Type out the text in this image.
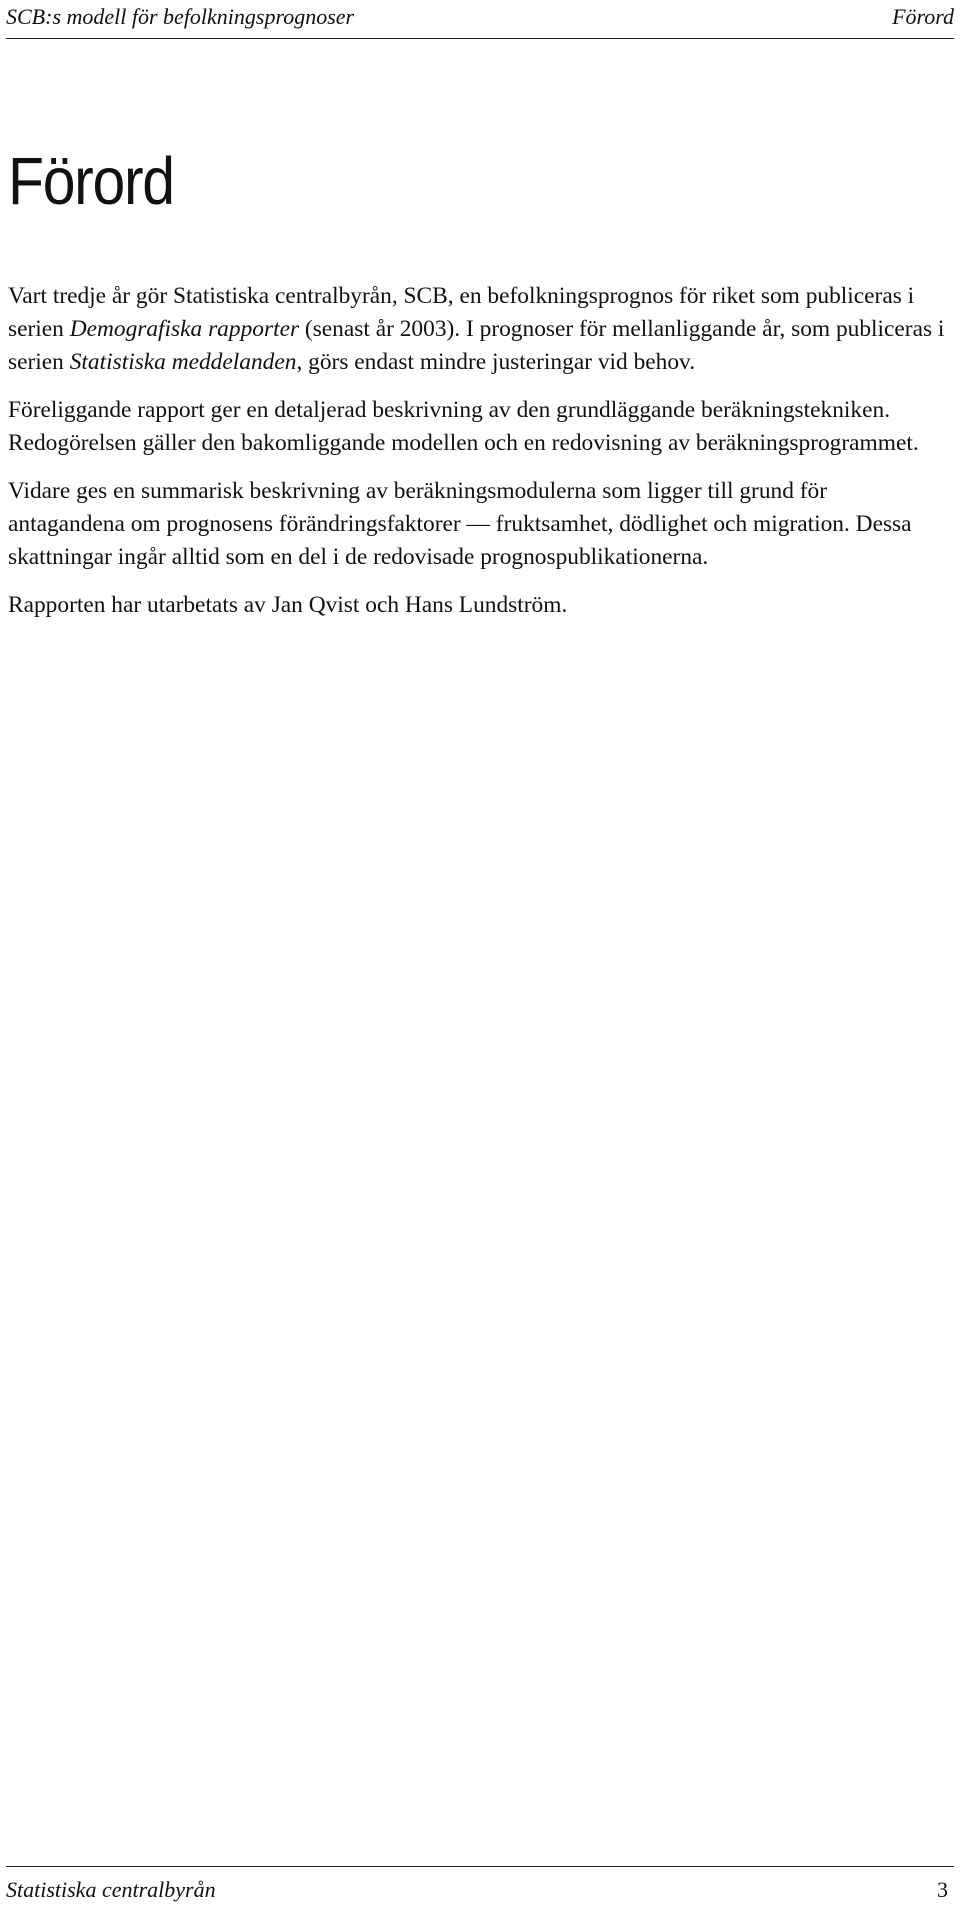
SCB:s modell för befolkningsprognoser	Förord
Förord

Vart tredje år gör Statistiska centralbyrån, SCB, en befolkningsprognos för riket som publiceras i serien Demografiska rapporter (senast år 2003). I prognoser för mellanliggande år, som publiceras i serien Statistiska meddelanden, görs endast mindre justeringar vid behov.

Föreliggande rapport ger en detaljerad beskrivning av den grundläggande beräkningstekniken. Redogörelsen gäller den bakomliggande modellen och en redovisning av beräkningsprogrammet.

Vidare ges en summarisk beskrivning av beräkningsmodulerna som ligger till grund för antagandena om prognosens förändringsfaktorer — fruktsamhet, dödlighet och migration. Dessa skattningar ingår alltid som en del i de redovisade prognospublikationerna.

Rapporten har utarbetats av Jan Qvist och Hans Lundström.

Statistiska centralbyrån	3
